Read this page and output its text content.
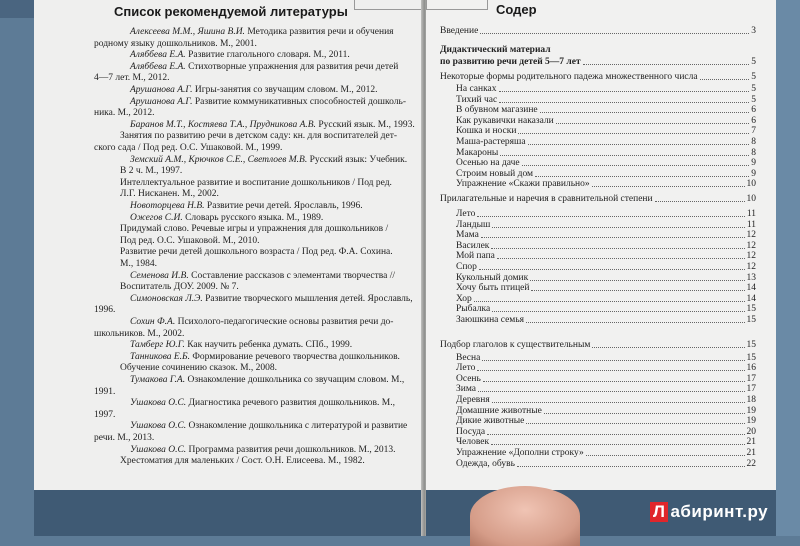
Список рекомендуемой литературы
Алексеева М.М., Яшина В.И. Методика развития речи и обучения
родному языку дошкольников. М., 2001.
Аляббева Е.А. Развитие глагольного словаря. М., 2011.
Аляббева Е.А. Стихотворные упражнения для развития речи детей
4—7 лет. М., 2012.
Арушанова А.Г. Игры-занятия со звучащим словом. М., 2012.
Арушанова А.Г. Развитие коммуникативных способностей дошколь-
ника. М., 2012.
Баранов М.Т., Костяева Т.А., Прудникова А.В. Русский язык. М., 1993.
Занятия по развитию речи в детском саду: кн. для воспитателей дет-
ского сада / Под ред. О.С. Ушаковой. М., 1999.
Земский А.М., Крючков С.Е., Светлоев М.В. Русский язык: Учебник.
В 2 ч. М., 1997.
Интеллектуальное развитие и воспитание дошкольников / Под ред.
Л.Г. Нисканен. М., 2002.
Новоторцева Н.В. Развитие речи детей. Ярославль, 1996.
Ожегов С.И. Словарь русского языка. М., 1989.
Придумай слово. Речевые игры и упражнения для дошкольников /
Под ред. О.С. Ушаковой. М., 2010.
Развитие речи детей дошкольного возраста / Под ред. Ф.А. Сохина.
М., 1984.
Семенова И.В. Составление рассказов с элементами творчества //
Воспитатель ДОУ. 2009. № 7.
Симоновская Л.Э. Развитие творческого мышления детей. Ярославль,
1996.
Сохин Ф.А. Психолого-педагогические основы развития речи до-
школьников. М., 2002.
Тамберг Ю.Г. Как научить ребенка думать. СПб., 1999.
Танникова Е.Б. Формирование речевого творчества дошкольников.
Обучение сочинению сказок. М., 2008.
Тумакова Г.А. Ознакомление дошкольника со звучащим словом. М.,
1991.
Ушакова О.С. Диагностика речевого развития дошкольников. М.,
1997.
Ушакова О.С. Ознакомление дошкольника с литературой и развитие
речи. М., 2013.
Ушакова О.С. Программа развития речи дошкольников. М., 2013.
Хрестоматия для маленьких / Сост. О.Н. Елисеева. М., 1982.
Содер
Введение	3
Дидактический материал
по развитию речи детей 5—7 лет	5
Некоторые формы родительного падежа множественного числа	5
На санках	5
Тихий час	5
В обувном магазине	6
Как рукавички наказали	6
Кошка и носки	7
Маша-растеряша	8
Макароны	8
Осенью на даче	9
Строим новый дом	9
Упражнение «Скажи правильно»	10
Прилагательные и наречия в сравнительной степени	10
Лето	11
Ландыш	11
Мама	12
Василек	12
Мой папа	12
Спор	12
Кукольный домик	13
Хочу быть птицей	14
Хор	14
Рыбалка	15
Заюшкина семья	15
Подбор глаголов к существительным	15
Весна	15
Лето	16
Осень	17
Зима	17
Деревня	18
Домашние животные	19
Дикие животные	19
Посуда	20
Человек	21
Упражнение «Дополни строку»	21
Одежда, обувь	22
Л абиринт.ру
